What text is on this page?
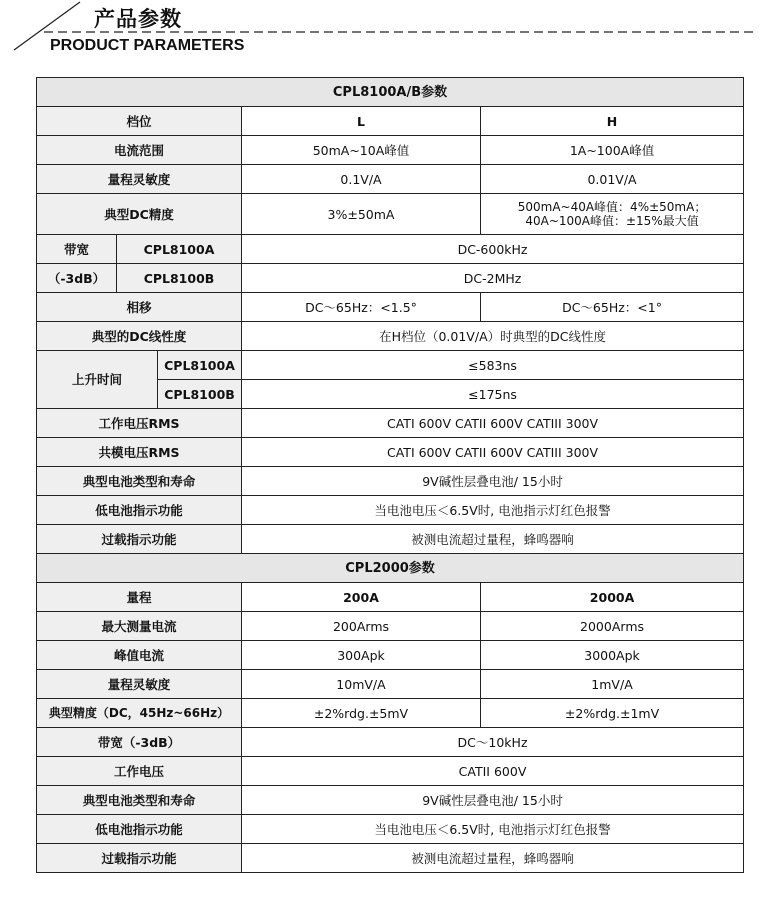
产品参数
PRODUCT PARAMETERS
CPL8100A/B参数				
档位			L	H
电流范围			50mA~10A峰值	1A~100A峰值
量程灵敏度			0.1V/A	0.01V/A
典型DC精度			3%±50mA	500mA~40A峰值：4%±50mA；
40A~100A峰值：±15%最大值

带宽	CPL8100A		DC-600kHz	
（-3dB）	CPL8100B		DC-2MHz	
相移			DC～65Hz：<1.5°	DC～65Hz：<1°
典型的DC线性度			在H档位（0.01V/A）时典型的DC线性度	
上升时间		CPL8100A	≤583ns	
		CPL8100B	≤175ns	
工作电压RMS			CATI 600V CATII 600V CATIII 300V	
共模电压RMS			CATI 600V CATII 600V CATIII 300V	
典型电池类型和寿命			9V碱性层叠电池/ 15小时	
低电池指示功能			当电池电压＜6.5V时, 电池指示灯红色报警	
过载指示功能			被测电流超过量程，蜂鸣器响	
CPL2000参数				
量程			200A	2000A
最大测量电流			200Arms	2000Arms
峰值电流			300Apk	3000Apk
量程灵敏度			10mV/A	1mV/A
典型精度（DC，45Hz~66Hz）			±2%rdg.±5mV	±2%rdg.±1mV
带宽（-3dB）			DC～10kHz	
工作电压			CATII 600V	
典型电池类型和寿命			9V碱性层叠电池/ 15小时	
低电池指示功能			当电池电压＜6.5V时, 电池指示灯红色报警	
过载指示功能			被测电流超过量程，蜂鸣器响	
